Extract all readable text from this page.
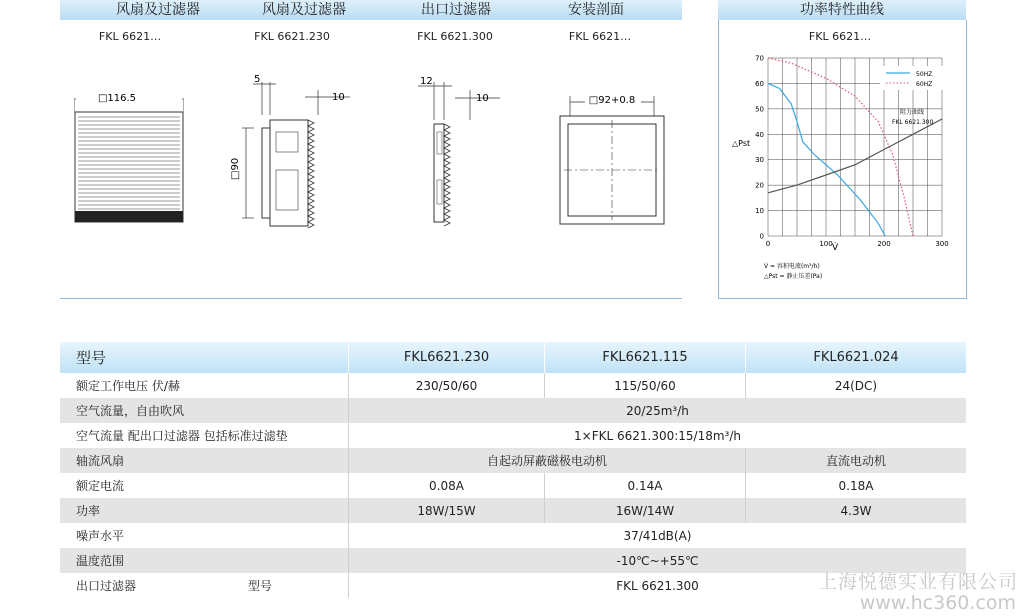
风扇及过滤器	风扇及过滤器	出口过滤器	安装剖面	功率特性曲线
FKL 6621…	FKL 6621.230	FKL 6621.300	FKL 6621…	FKL 6621…
□116.5
5
10
□90
12
10	□92+0.8
0	100	200	300
0
10
20
30
40
50
60
70
△Pst
V̇
阻力曲线
FKL 6621.300
50HZ
60HZ
V̇ = 容积电流(m³/h)
△Pst = 静止压差(Pa)
型号	FKL6621.230	FKL6621.115	FKL6621.024
额定工作电压 伏/赫	230/50/60	115/50/60	24(DC)
空气流量，自由吹风	20/25m³/h		
空气流量 配出口过滤器 包括标准过滤垫	1×FKL 6621.300:15/18m³/h		
轴流风扇	自起动屏蔽磁极电动机		直流电动机
额定电流	0.08A	0.14A	0.18A
功率	18W/15W	16W/14W	4.3W
噪声水平	37/41dB(A)		
温度范围	-10℃~+55℃		
出口过滤器 型号	FKL 6621.300			上海悦德实业有限公司
www.hc360.com
